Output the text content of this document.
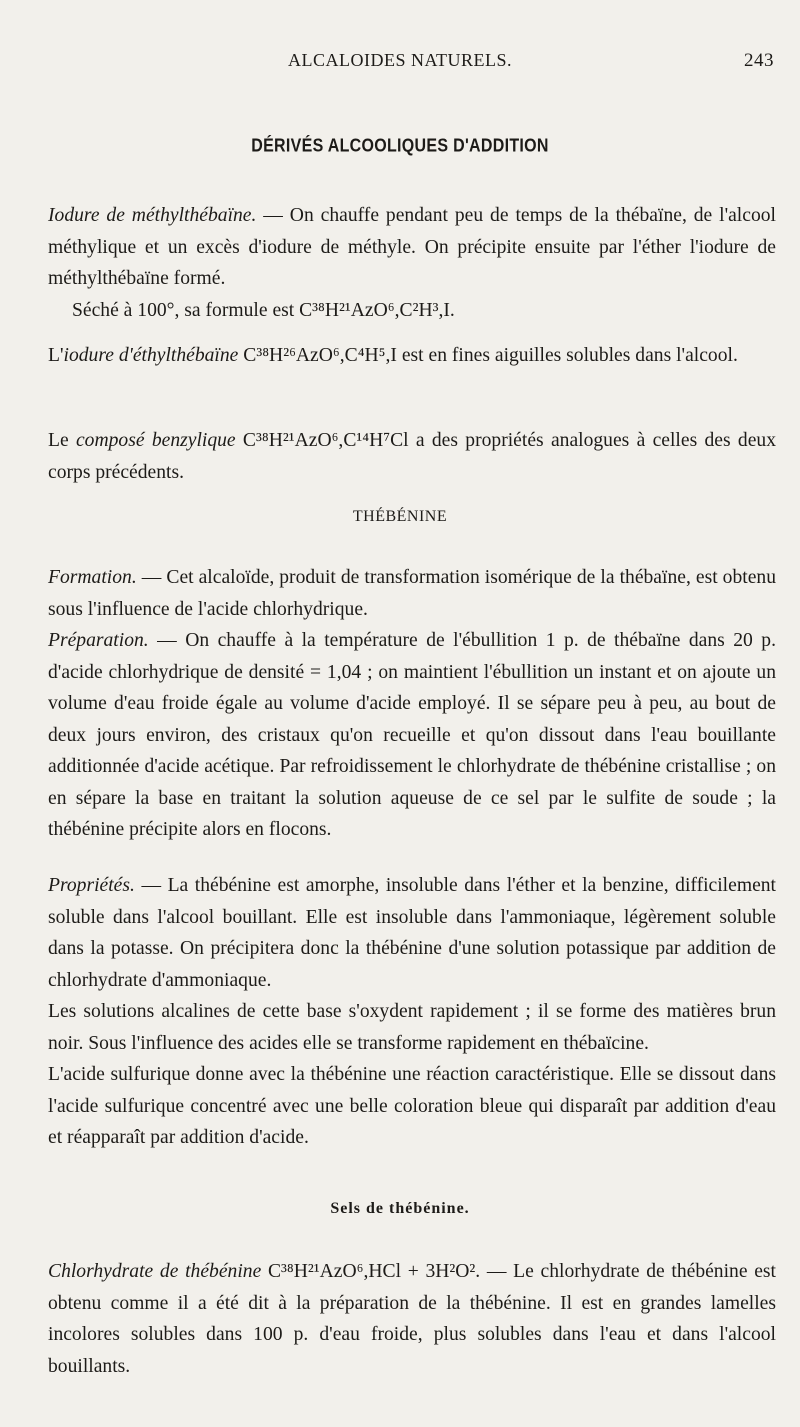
ALCALOIDES NATURELS.	243
DÉRIVÉS ALCOOLIQUES D'ADDITION

Iodure de méthylthébaïne. — On chauffe pendant peu de temps de la thébaïne, de l'alcool méthylique et un excès d'iodure de méthyle. On précipite ensuite par l'éther l'iodure de méthylthébaïne formé.

Séché à 100°, sa formule est C³⁸H²¹AzO⁶,C²H³,I.

L'iodure d'éthylthébaïne C³⁸H²⁶AzO⁶,C⁴H⁵,I est en fines aiguilles solubles dans l'alcool.

Le composé benzylique C³⁸H²¹AzO⁶,C¹⁴H⁷Cl a des propriétés analogues à celles des deux corps précédents.

THÉBÉNINE

Formation. — Cet alcaloïde, produit de transformation isomérique de la thébaïne, est obtenu sous l'influence de l'acide chlorhydrique.

Préparation. — On chauffe à la température de l'ébullition 1 p. de thébaïne dans 20 p. d'acide chlorhydrique de densité = 1,04 ; on maintient l'ébullition un instant et on ajoute un volume d'eau froide égale au volume d'acide employé. Il se sépare peu à peu, au bout de deux jours environ, des cristaux qu'on recueille et qu'on dissout dans l'eau bouillante additionnée d'acide acétique. Par refroidissement le chlorhydrate de thébénine cristallise ; on en sépare la base en traitant la solution aqueuse de ce sel par le sulfite de soude ; la thébénine précipite alors en flocons.

Propriétés. — La thébénine est amorphe, insoluble dans l'éther et la benzine, difficilement soluble dans l'alcool bouillant. Elle est insoluble dans l'ammoniaque, légèrement soluble dans la potasse. On précipitera donc la thébénine d'une solution potassique par addition de chlorhydrate d'ammoniaque.

Les solutions alcalines de cette base s'oxydent rapidement ; il se forme des matières brun noir. Sous l'influence des acides elle se transforme rapidement en thébaïcine.

L'acide sulfurique donne avec la thébénine une réaction caractéristique. Elle se dissout dans l'acide sulfurique concentré avec une belle coloration bleue qui disparaît par addition d'eau et réapparaît par addition d'acide.

Sels de thébénine.

Chlorhydrate de thébénine C³⁸H²¹AzO⁶,HCl + 3H²O². — Le chlorhydrate de thébénine est obtenu comme il a été dit à la préparation de la thébénine. Il est en grandes lamelles incolores solubles dans 100 p. d'eau froide, plus solubles dans l'eau et dans l'alcool bouillants.
